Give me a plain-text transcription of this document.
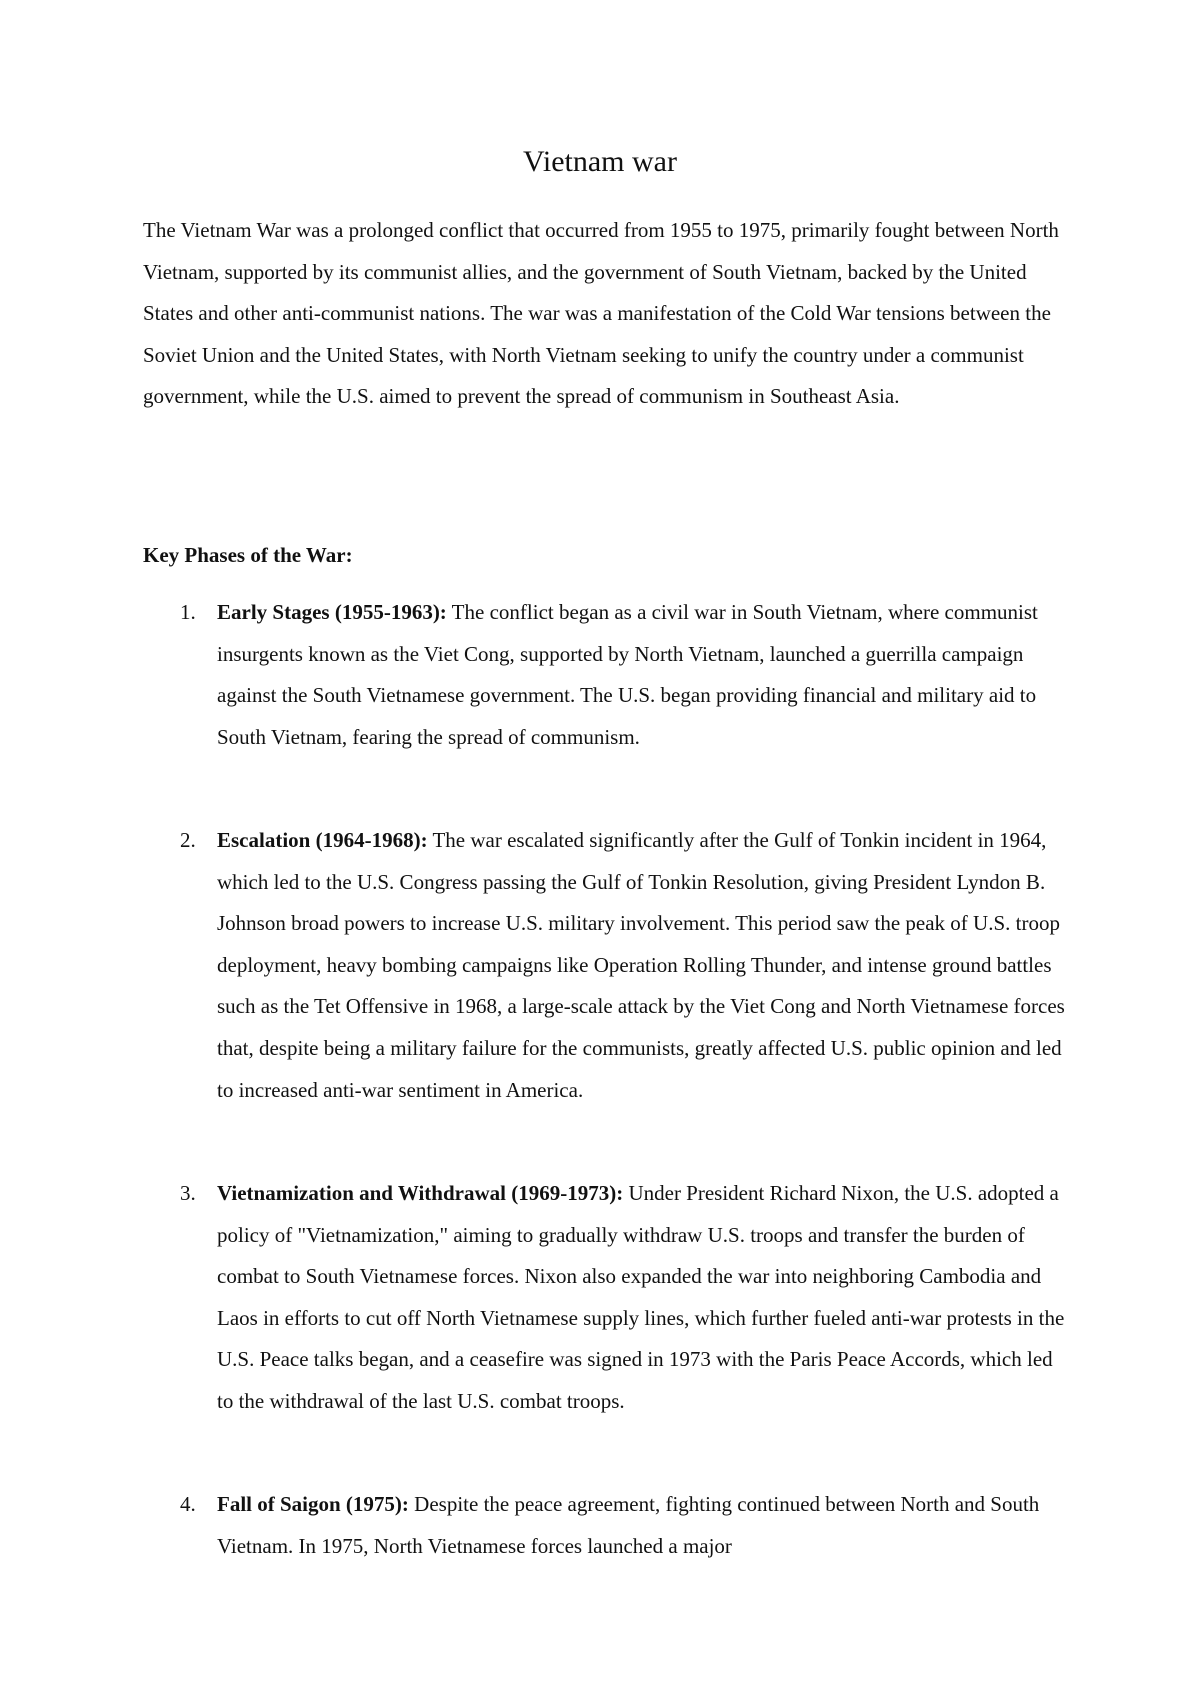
Vietnam war

The Vietnam War was a prolonged conflict that occurred from 1955 to 1975, primarily fought between North Vietnam, supported by its communist allies, and the government of South Vietnam, backed by the United States and other anti-communist nations. The war was a manifestation of the Cold War tensions between the Soviet Union and the United States, with North Vietnam seeking to unify the country under a communist government, while the U.S. aimed to prevent the spread of communism in Southeast Asia.

Key Phases of the War:

1.	Early Stages (1955-1963): The conflict began as a civil war in South Vietnam, where communist insurgents known as the Viet Cong, supported by North Vietnam, launched a guerrilla campaign against the South Vietnamese government. The U.S. began providing financial and military aid to South Vietnam, fearing the spread of communism.
2.	Escalation (1964-1968): The war escalated significantly after the Gulf of Tonkin incident in 1964, which led to the U.S. Congress passing the Gulf of Tonkin Resolution, giving President Lyndon B. Johnson broad powers to increase U.S. military involvement. This period saw the peak of U.S. troop deployment, heavy bombing campaigns like Operation Rolling Thunder, and intense ground battles such as the Tet Offensive in 1968, a large-scale attack by the Viet Cong and North Vietnamese forces that, despite being a military failure for the communists, greatly affected U.S. public opinion and led to increased anti-war sentiment in America.
3.	Vietnamization and Withdrawal (1969-1973): Under President Richard Nixon, the U.S. adopted a policy of "Vietnamization," aiming to gradually withdraw U.S. troops and transfer the burden of combat to South Vietnamese forces. Nixon also expanded the war into neighboring Cambodia and Laos in efforts to cut off North Vietnamese supply lines, which further fueled anti-war protests in the U.S. Peace talks began, and a ceasefire was signed in 1973 with the Paris Peace Accords, which led to the withdrawal of the last U.S. combat troops.
4.	Fall of Saigon (1975): Despite the peace agreement, fighting continued between North and South Vietnam. In 1975, North Vietnamese forces launched a major
